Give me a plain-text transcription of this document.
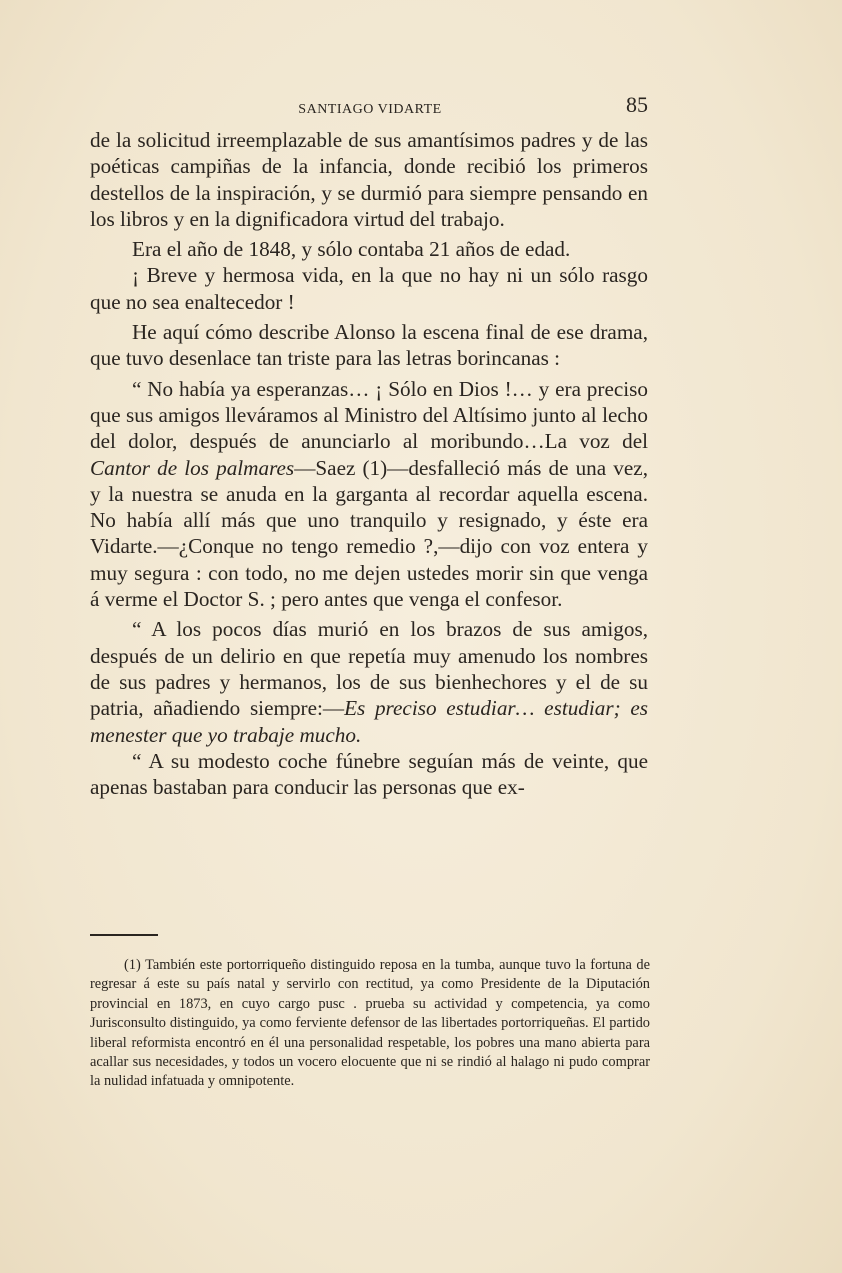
SANTIAGO VIDARTE	85

de la solicitud irreemplazable de sus amantísimos padres y de las poéticas campiñas de la infancia, donde recibió los primeros destellos de la inspiración, y se durmió para siempre pensando en los libros y en la dignificadora virtud del trabajo.

Era el año de 1848, y sólo contaba 21 años de edad.

¡ Breve y hermosa vida, en la que no hay ni un sólo rasgo que no sea enaltecedor !

He aquí cómo describe Alonso la escena final de ese drama, que tuvo desenlace tan triste para las letras borincanas :

“ No había ya esperanzas… ¡ Sólo en Dios !… y era preciso que sus amigos lleváramos al Ministro del Altísimo junto al lecho del dolor, después de anunciarlo al moribundo…La voz del Cantor de los palmares—Saez (1)—desfalleció más de una vez, y la nuestra se anuda en la garganta al recordar aquella escena. No había allí más que uno tranquilo y resignado, y éste era Vidarte.—¿Conque no tengo remedio ?,—dijo con voz entera y muy segura : con todo, no me dejen ustedes morir sin que venga á verme el Doctor S. ; pero antes que venga el confesor.

“ A los pocos días murió en los brazos de sus amigos, después de un delirio en que repetía muy amenudo los nombres de sus padres y hermanos, los de sus bienhechores y el de su patria, añadiendo siempre:—Es preciso estudiar… estudiar; es menester que yo trabaje mucho.

“ A su modesto coche fúnebre seguían más de veinte, que apenas bastaban para conducir las personas que ex-

(1) También este portorriqueño distinguido reposa en la tumba, aunque tuvo la fortuna de regresar á este su país natal y servirlo con rectitud, ya como Presidente de la Diputación provincial en 1873, en cuyo cargo pusc . prueba su actividad y competencia, ya como Jurisconsulto distinguido, ya como ferviente defensor de las libertades portorriqueñas. El partido liberal reformista encontró en él una personalidad respetable, los pobres una mano abierta para acallar sus necesidades, y todos un vocero elocuente que ni se rindió al halago ni pudo comprar la nulidad infatuada y omnipotente.
